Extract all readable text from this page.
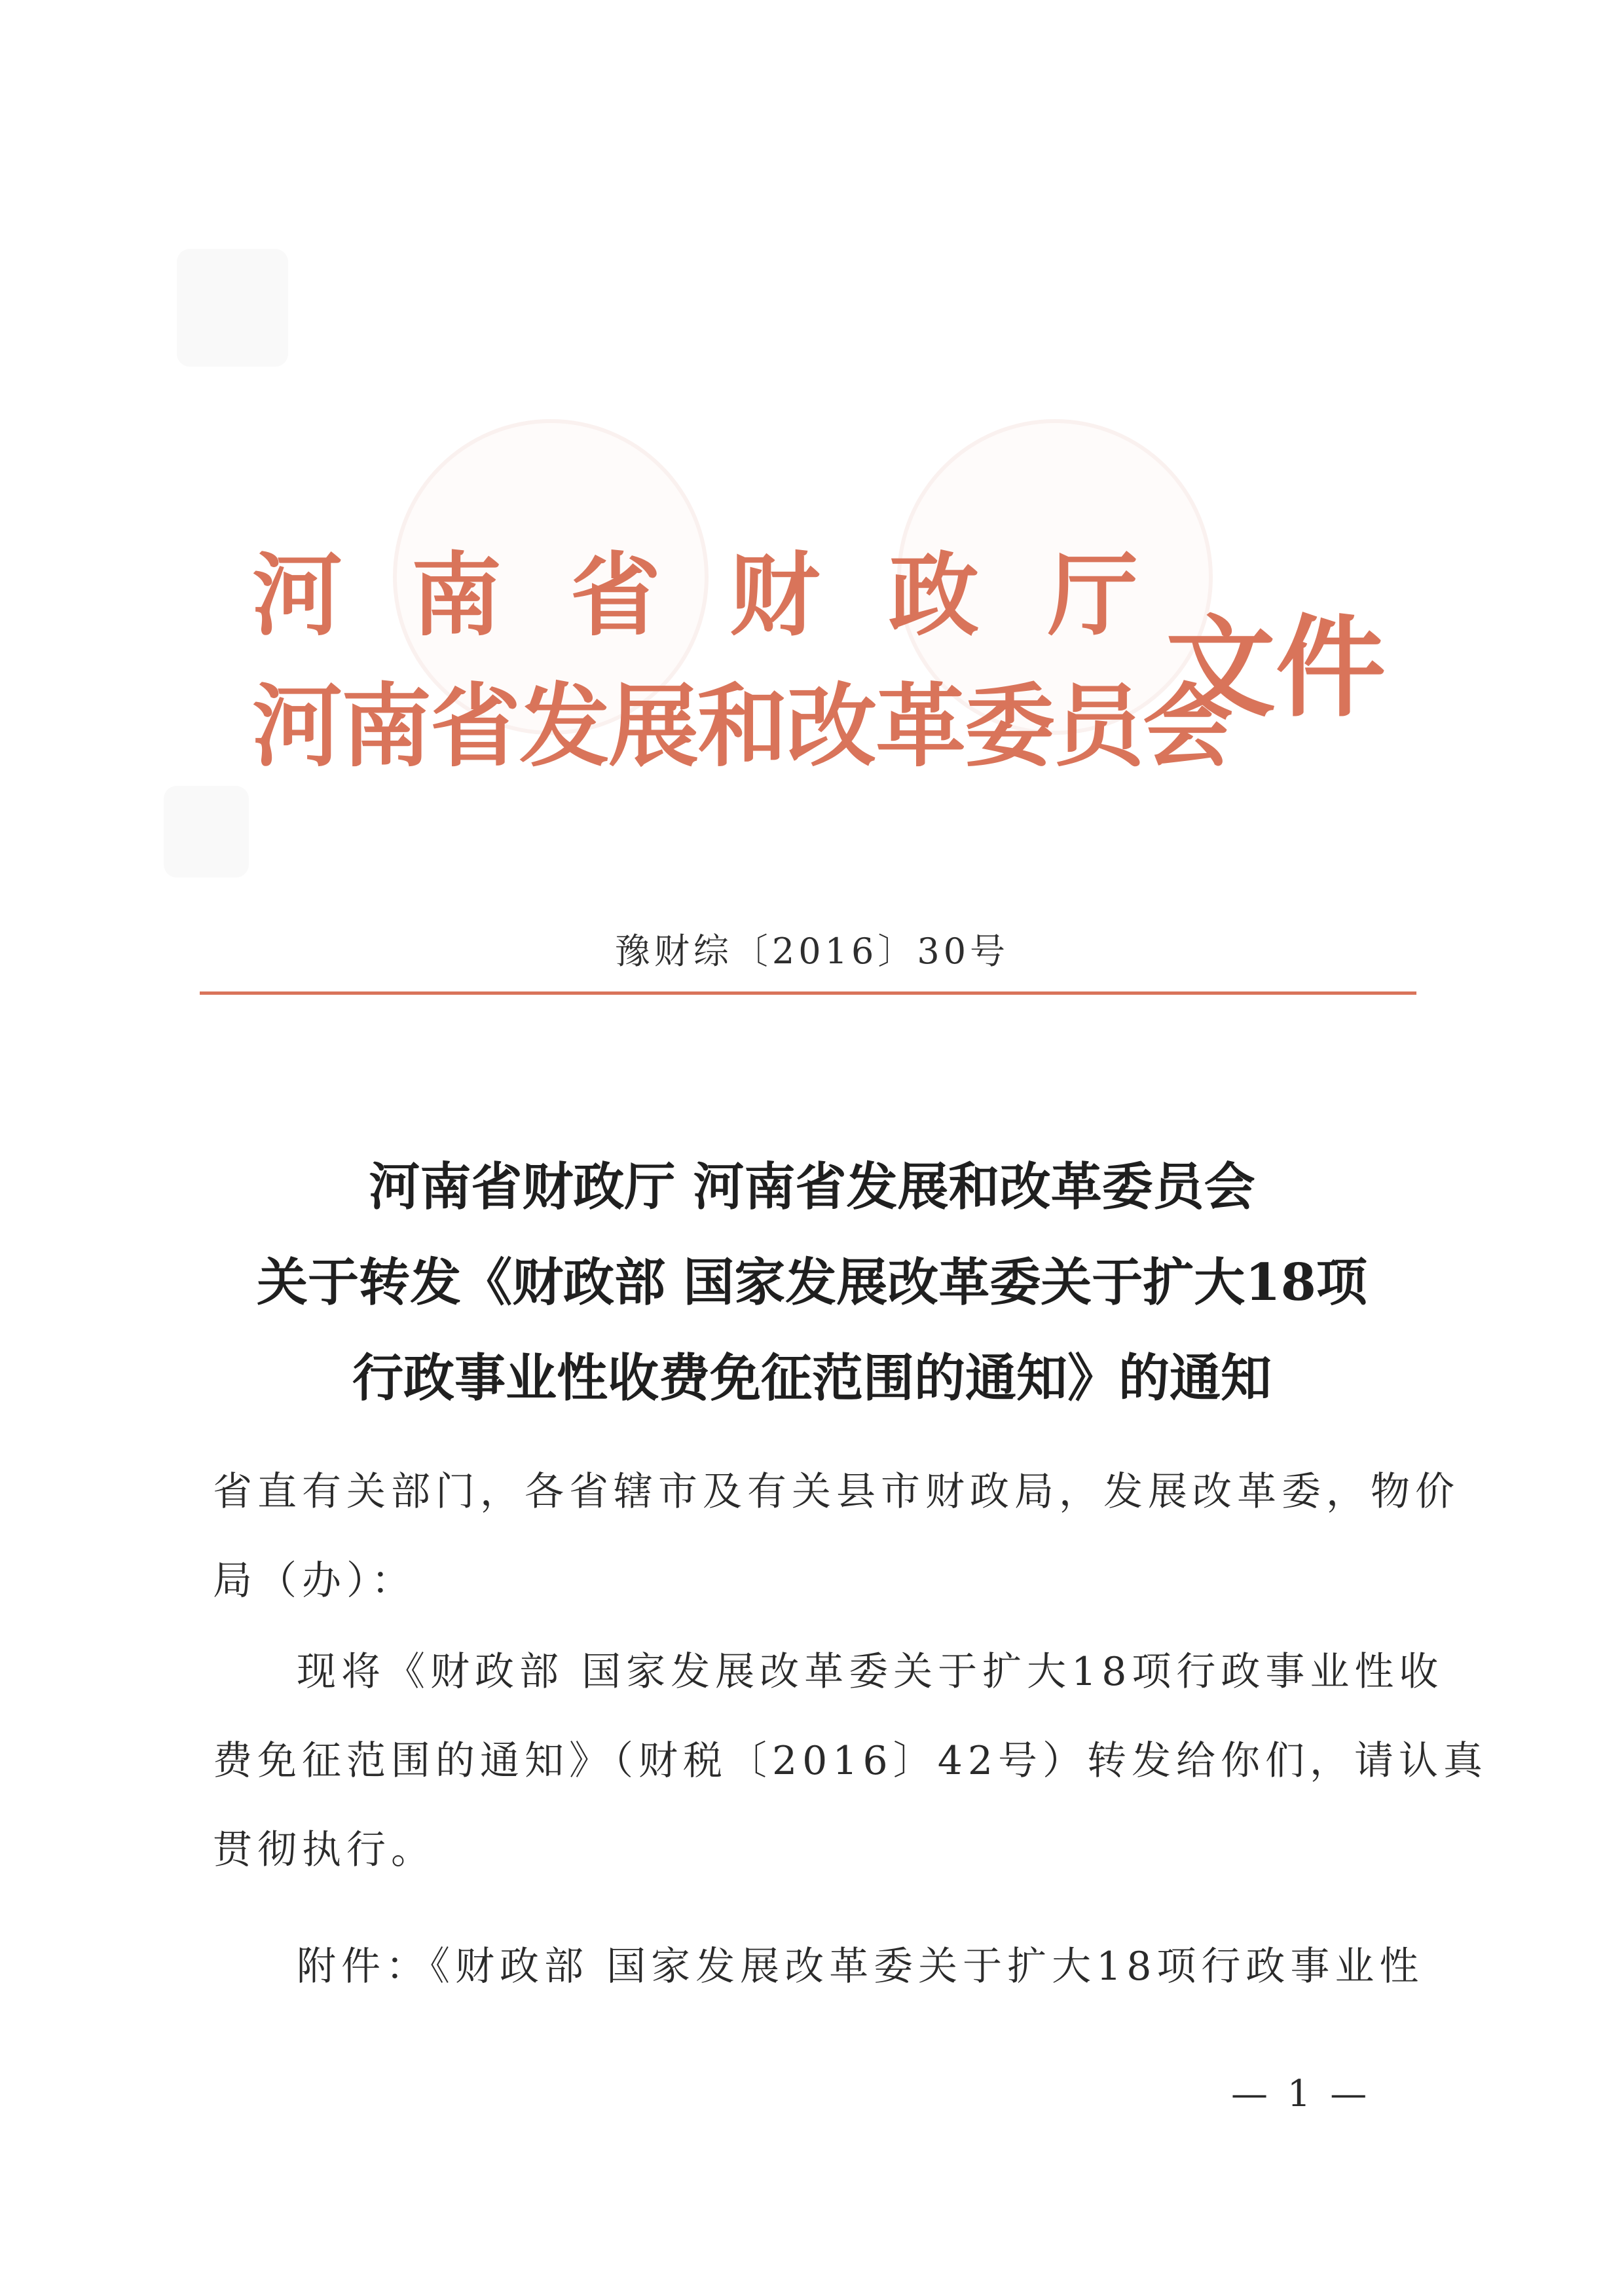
河南省财政厅
河南省发展和改革委员会
文件
豫财综〔2016〕30号
河南省财政厅 河南省发展和改革委员会
关于转发《财政部 国家发展改革委关于扩大18项
行政事业性收费免征范围的通知》的通知
省直有关部门，各省辖市及有关县市财政局，发展改革委，物价
局（办）：
现将《财政部 国家发展改革委关于扩大18项行政事业性收
费免征范围的通知》（财税〔2016〕42号）转发给你们，请认真
贯彻执行。
附件：《财政部 国家发展改革委关于扩大18项行政事业性
— 1 —
